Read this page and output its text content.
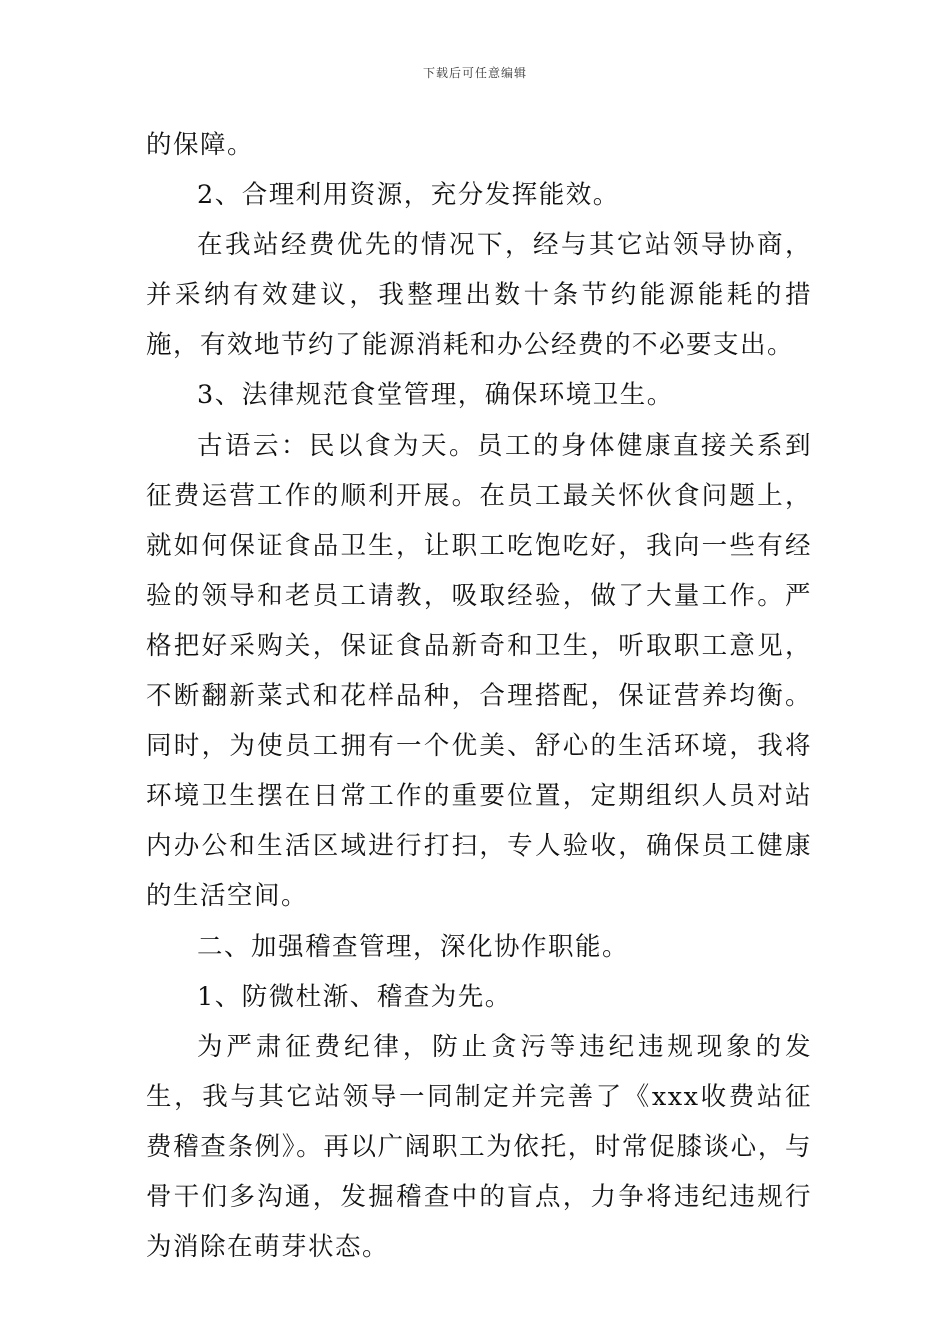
下载后可任意编辑

的保障。

2、合理利用资源，充分发挥能效。

在我站经费优先的情况下，经与其它站领导协商，并采纳有效建议，我整理出数十条节约能源能耗的措施，有效地节约了能源消耗和办公经费的不必要支出。

3、法律规范食堂管理，确保环境卫生。

古语云：民以食为天。员工的身体健康直接关系到征费运营工作的顺利开展。在员工最关怀伙食问题上，就如何保证食品卫生，让职工吃饱吃好，我向一些有经验的领导和老员工请教，吸取经验，做了大量工作。严格把好采购关，保证食品新奇和卫生，听取职工意见，不断翻新菜式和花样品种，合理搭配，保证营养均衡。同时，为使员工拥有一个优美、舒心的生活环境，我将环境卫生摆在日常工作的重要位置，定期组织人员对站内办公和生活区域进行打扫，专人验收，确保员工健康的生活空间。

二、加强稽查管理，深化协作职能。

1、防微杜渐、稽查为先。

为严肃征费纪律，防止贪污等违纪违规现象的发生，我与其它站领导一同制定并完善了《xxx收费站征费稽查条例》。再以广阔职工为依托，时常促膝谈心，与骨干们多沟通，发掘稽查中的盲点，力争将违纪违规行为消除在萌芽状态。
